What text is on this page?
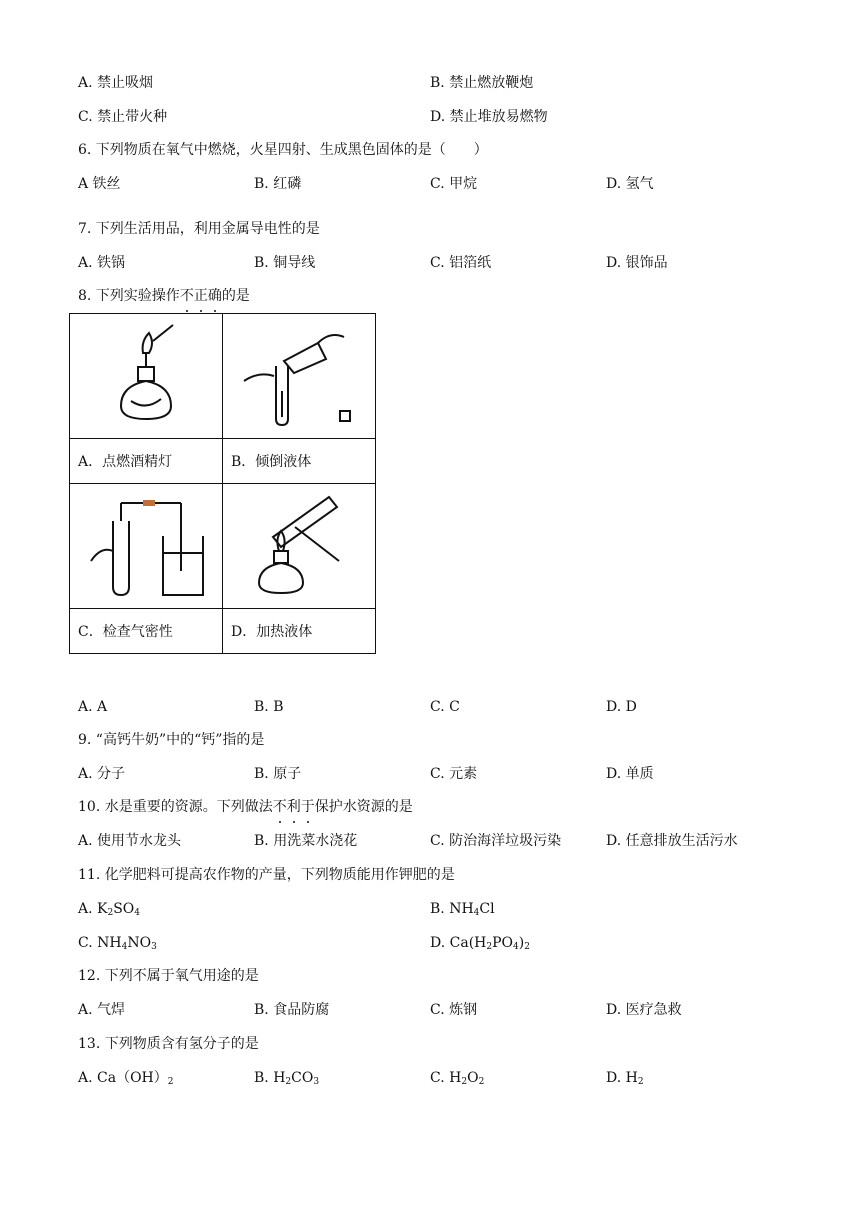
A. 禁止吸烟	B. 禁止燃放鞭炮
C. 禁止带火种	D. 禁止堆放易燃物
6. 下列物质在氧气中燃烧，火星四射、生成黑色固体的是（　　）
A 铁丝	B. 红磷	C. 甲烷	D. 氢气
7. 下列生活用品，利用金属导电性的是
A. 铁锅	B. 铜导线	C. 铝箔纸	D. 银饰品
8. 下列实验操作不正确的是

A．点燃酒精灯	B．倾倒液体

C．检查气密性	D．加热液体
A. A	B. B	C. C	D. D
9. “高钙牛奶”中的“钙”指的是
A. 分子	B. 原子	C. 元素	D. 单质
10. 水是重要的资源。下列做法不利于保护水资源的是
A. 使用节水龙头	B. 用洗菜水浇花	C. 防治海洋垃圾污染	D. 任意排放生活污水
11. 化学肥料可提高农作物的产量，下列物质能用作钾肥的是
A. $K_2SO_4$	B. $NH_4Cl$
C. $NH_4NO_3$	D. $Ca(H_2PO_4)_2$
12. 下列不属于氧气用途的是
A. 气焊	B. 食品防腐	C. 炼钢	D. 医疗急救
13. 下列物质含有氢分子的是
A. $Ca(OH)_2$	B. $H_2CO_3$	C. $H_2O_2$	D. $H_2$
